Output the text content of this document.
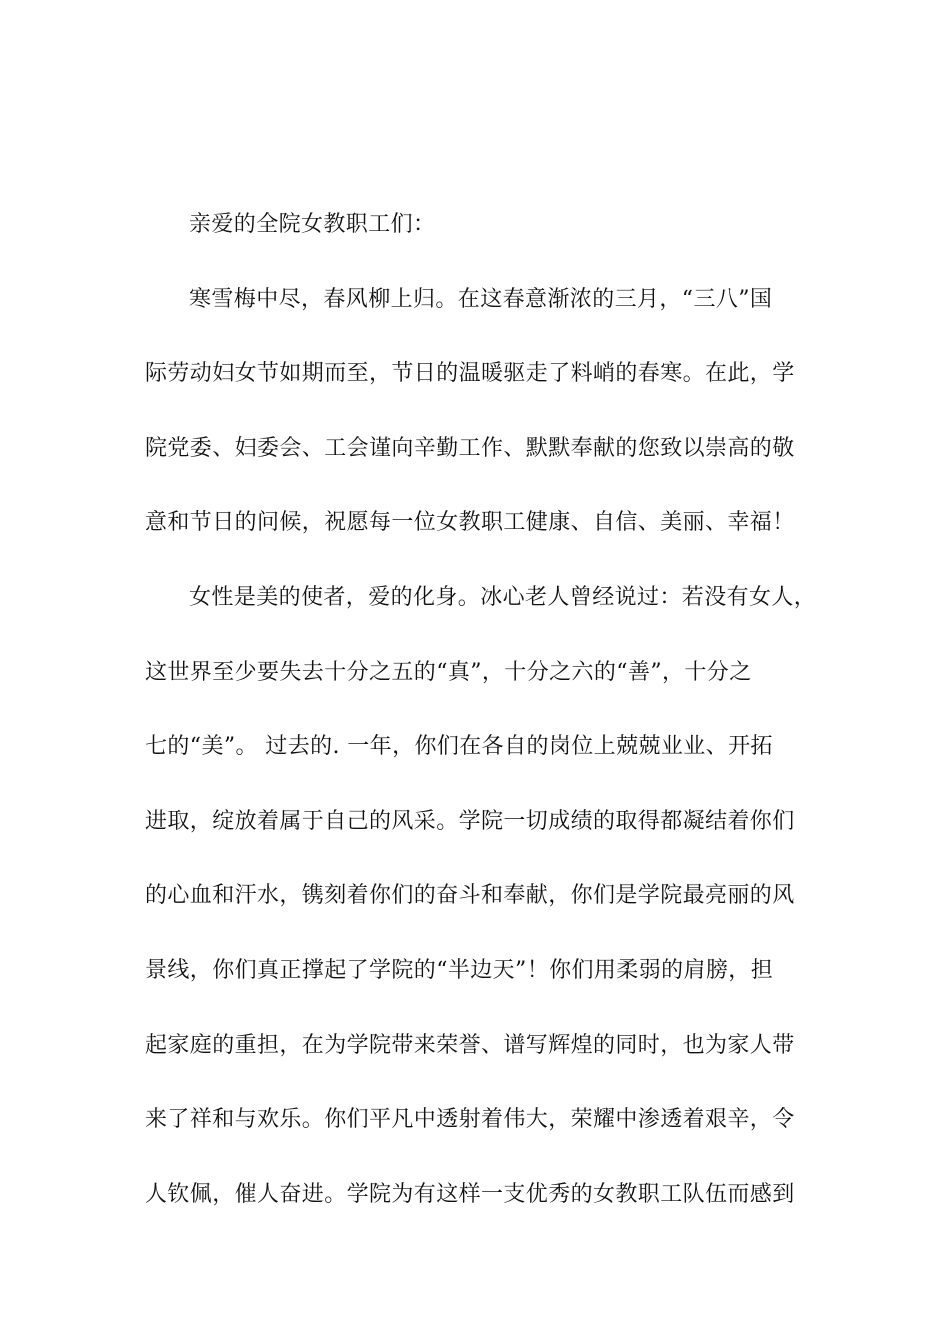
亲爱的全院女教职工们：
寒雪梅中尽，春风柳上归。在这春意渐浓的三月，“三八”国
际劳动妇女节如期而至，节日的温暖驱走了料峭的春寒。在此，学
院党委、妇委会、工会谨向辛勤工作、默默奉献的您致以崇高的敬
意和节日的问候，祝愿每一位女教职工健康、自信、美丽、幸福！
女性是美的使者，爱的化身。冰心老人曾经说过：若没有女人，
这世界至少要失去十分之五的“真”，十分之六的“善”，十分之
七的“美”。 过去的. 一年，你们在各自的岗位上兢兢业业、开拓
进取，绽放着属于自己的风采。学院一切成绩的取得都凝结着你们
的心血和汗水，镌刻着你们的奋斗和奉献，你们是学院最亮丽的风
景线，你们真正撑起了学院的“半边天”！你们用柔弱的肩膀，担
起家庭的重担，在为学院带来荣誉、谱写辉煌的同时，也为家人带
来了祥和与欢乐。你们平凡中透射着伟大，荣耀中渗透着艰辛，令
人钦佩，催人奋进。学院为有这样一支优秀的女教职工队伍而感到
